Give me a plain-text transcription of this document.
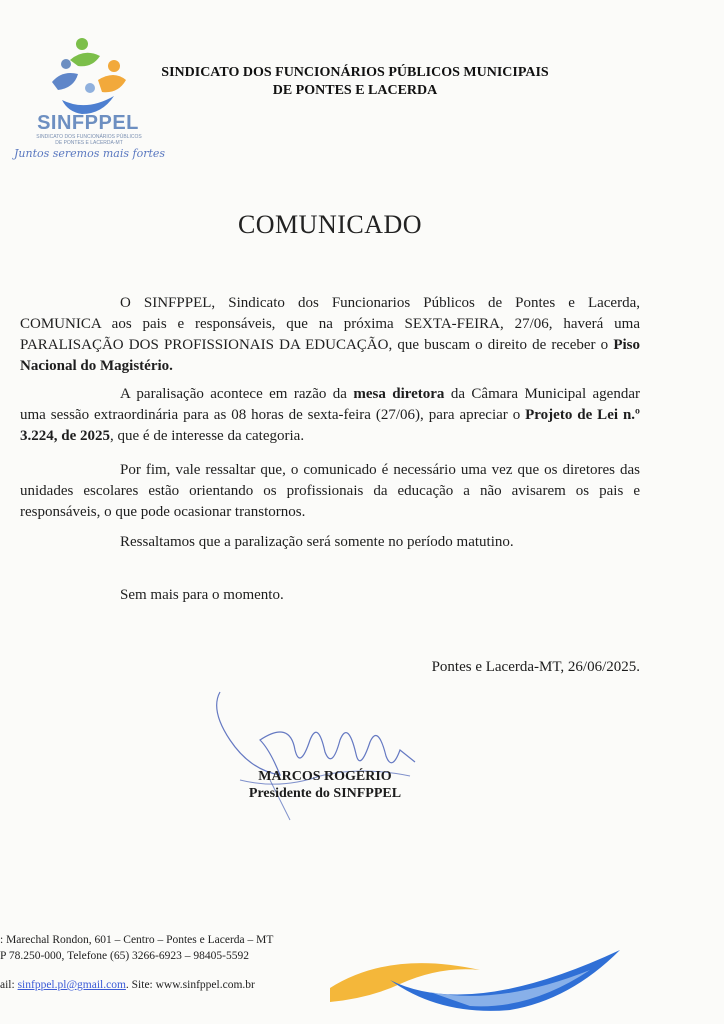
SINFPPEL
SINDICATO DOS FUNCIONÁRIOS PÚBLICOS
DE PONTES E LACERDA-MT
Juntos seremos mais fortes
SINDICATO DOS FUNCIONÁRIOS PÚBLICOS MUNICIPAIS
DE PONTES E LACERDA
COMUNICADO

O SINFPPEL, Sindicato dos Funcionarios Públicos de Pontes e Lacerda, COMUNICA aos pais e responsáveis, que na próxima SEXTA-FEIRA, 27/06, haverá uma PARALISAÇÃO DOS PROFISSIONAIS DA EDUCAÇÃO, que buscam o direito de receber o Piso Nacional do Magistério.

A paralisação acontece em razão da mesa diretora da Câmara Municipal agendar uma sessão extraordinária para as 08 horas de sexta-feira (27/06), para apreciar o Projeto de Lei n.º 3.224, de 2025, que é de interesse da categoria.

Por fim, vale ressaltar que, o comunicado é necessário uma vez que os diretores das unidades escolares estão orientando os profissionais da educação a não avisarem os pais e responsáveis, o que pode ocasionar transtornos.

Ressaltamos que a paralização será somente no período matutino.
Sem mais para o momento.
Pontes e Lacerda-MT, 26/06/2025.
MARCOS ROGÉRIO
Presidente do SINFPPEL
: Marechal Rondon, 601 – Centro – Pontes e Lacerda – MT
P 78.250-000, Telefone (65) 3266-6923 – 98405-5592
ail: sinfppel.pl@gmail.com. Site: www.sinfppel.com.br
